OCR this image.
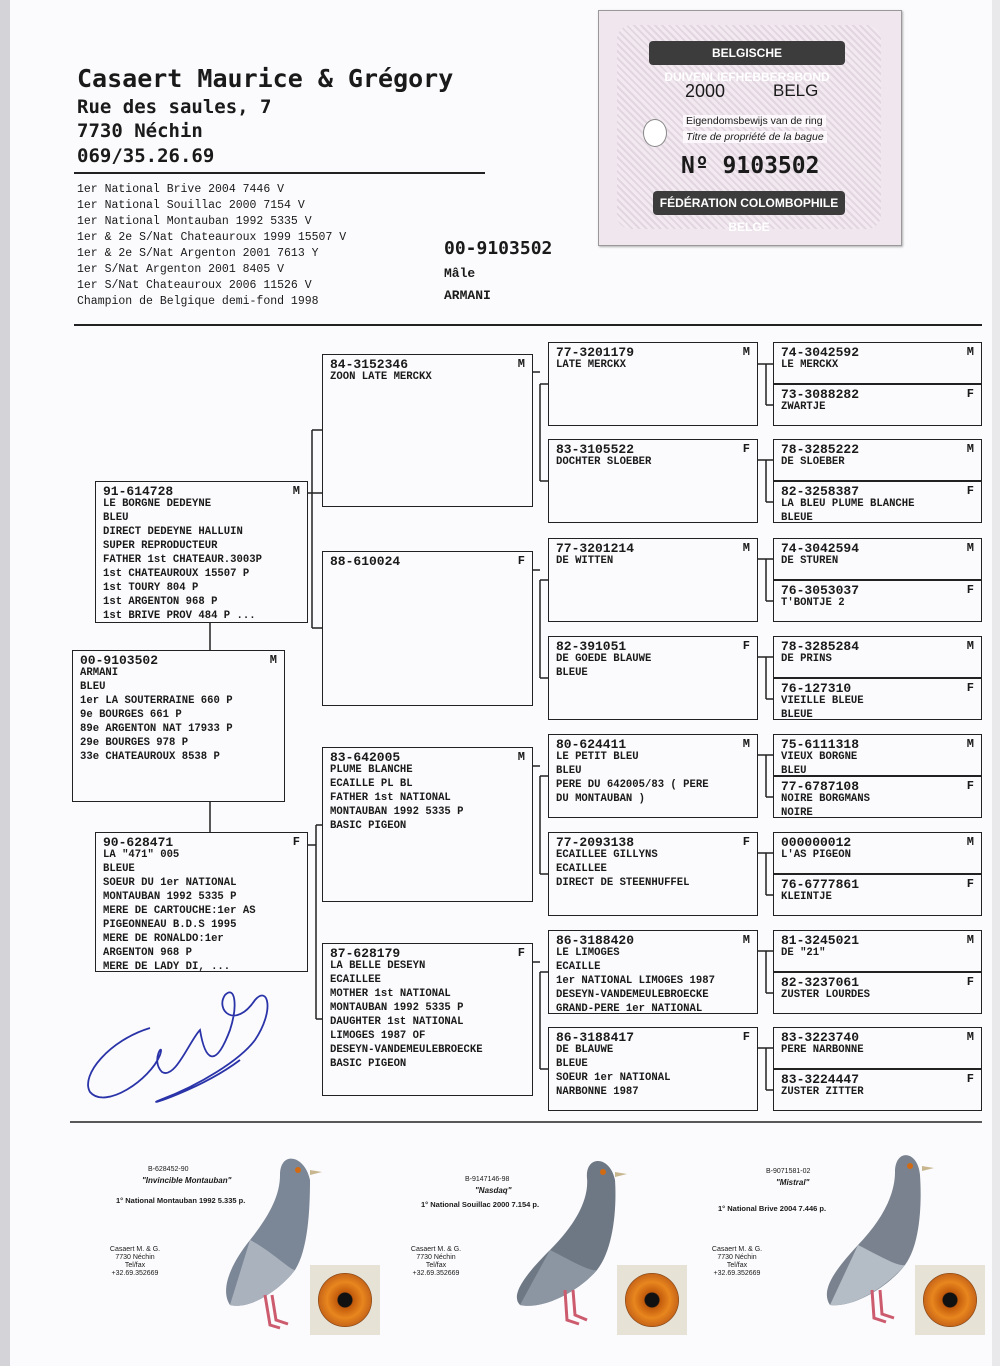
Casaert Maurice & Grégory
Rue des saules, 7
7730 Néchin
069/35.26.69
1er National Brive 2004 7446 V
1er National Souillac 2000 7154 V
1er National Montauban 1992 5335 V
1er & 2e S/Nat Chateauroux 1999 15507 V
1er & 2e S/Nat Argenton 2001 7613 Y
1er S/Nat Argenton 2001 8405 V
1er S/Nat Chateauroux 2006 11526 V
Champion de Belgique demi-fond 1998
00-9103502
Mâle
ARMANI
BELGISCHE DUIVENLIEFHEBBERSBOND
2000	BELG
Eigendomsbewijs van de ring
Titre de propriété de la bague
Nº 9103502
FÉDÉRATION COLOMBOPHILE BELGE
00-9103502	M
ARMANI
BLEU
1er LA SOUTERRAINE 660 P
9e BOURGES 661 P
89e ARGENTON NAT 17933 P
29e BOURGES 978 P
33e CHATEAUROUX 8538 P
91-614728	M
LE BORGNE DEDEYNE
BLEU
DIRECT DEDEYNE HALLUIN
SUPER REPRODUCTEUR
FATHER 1st CHATEAUR.3003P
1st CHATEAUROUX 15507 P
1st TOURY 804 P
1st ARGENTON 968 P
1st BRIVE PROV 484 P ...
90-628471	F
LA "471" 005
BLEUE
SOEUR DU 1er NATIONAL
MONTAUBAN 1992 5335 P
MERE DE CARTOUCHE:1er AS
PIGEONNEAU B.D.S 1995
MERE DE RONALDO:1er
ARGENTON 968 P
MERE DE LADY DI, ...
84-3152346	M
ZOON LATE MERCKX
88-610024	F
83-642005	M
PLUME BLANCHE
ECAILLE PL BL
FATHER 1st NATIONAL
MONTAUBAN 1992 5335 P
BASIC PIGEON
87-628179	F
LA BELLE DESEYN
ECAILLEE
MOTHER 1st NATIONAL
MONTAUBAN 1992 5335 P
DAUGHTER 1st NATIONAL
LIMOGES 1987 OF
DESEYN-VANDEMEULEBROECKE
BASIC PIGEON
77-3201179	M
LATE MERCKX
83-3105522	F
DOCHTER SLOEBER
77-3201214	M
DE WITTEN
82-391051	F
DE GOEDE BLAUWE
BLEUE
80-624411	M
LE PETIT BLEU
BLEU
PERE DU 642005/83 ( PERE
DU MONTAUBAN )
77-2093138	F
ECAILLEE GILLYNS
ECAILLEE
DIRECT DE STEENHUFFEL
86-3188420	M
LE LIMOGES
ECAILLE
1er NATIONAL LIMOGES 1987
DESEYN-VANDEMEULEBROECKE
GRAND-PERE 1er NATIONAL
86-3188417	F
DE BLAUWE
BLEUE
SOEUR 1er NATIONAL
NARBONNE 1987
74-3042592	M
LE MERCKX
73-3088282	F
ZWARTJE
78-3285222	M
DE SLOEBER
82-3258387	F
LA BLEU PLUME BLANCHE
BLEUE
74-3042594	M
DE STUREN
76-3053037	F
T'BONTJE 2
78-3285284	M
DE PRINS
76-127310	F
VIEILLE BLEUE
BLEUE
75-6111318	M
VIEUX BORGNE
BLEU
77-6787108	F
NOIRE BORGMANS
NOIRE
000000012	M
L'AS PIGEON
76-6777861	F
KLEINTJE
81-3245021	M
DE "21"
82-3237061	F
ZUSTER LOURDES
83-3223740	M
PERE NARBONNE
83-3224447	F
ZUSTER ZITTER
B-628452-90
"Invincible Montauban"
1° National Montauban 1992 5.335 p.
Casaert M. & G.
7730 Néchin
Tel/fax +32.69.352669
B-9147146-98
"Nasdaq"
1° National Souillac 2000 7.154 p.
Casaert M. & G.
7730 Néchin
Tel/fax +32.69.352669
B-9071581-02
"Mistral"
1° National Brive 2004 7.446 p.
Casaert M. & G.
7730 Néchin
Tel/fax +32.69.352669
